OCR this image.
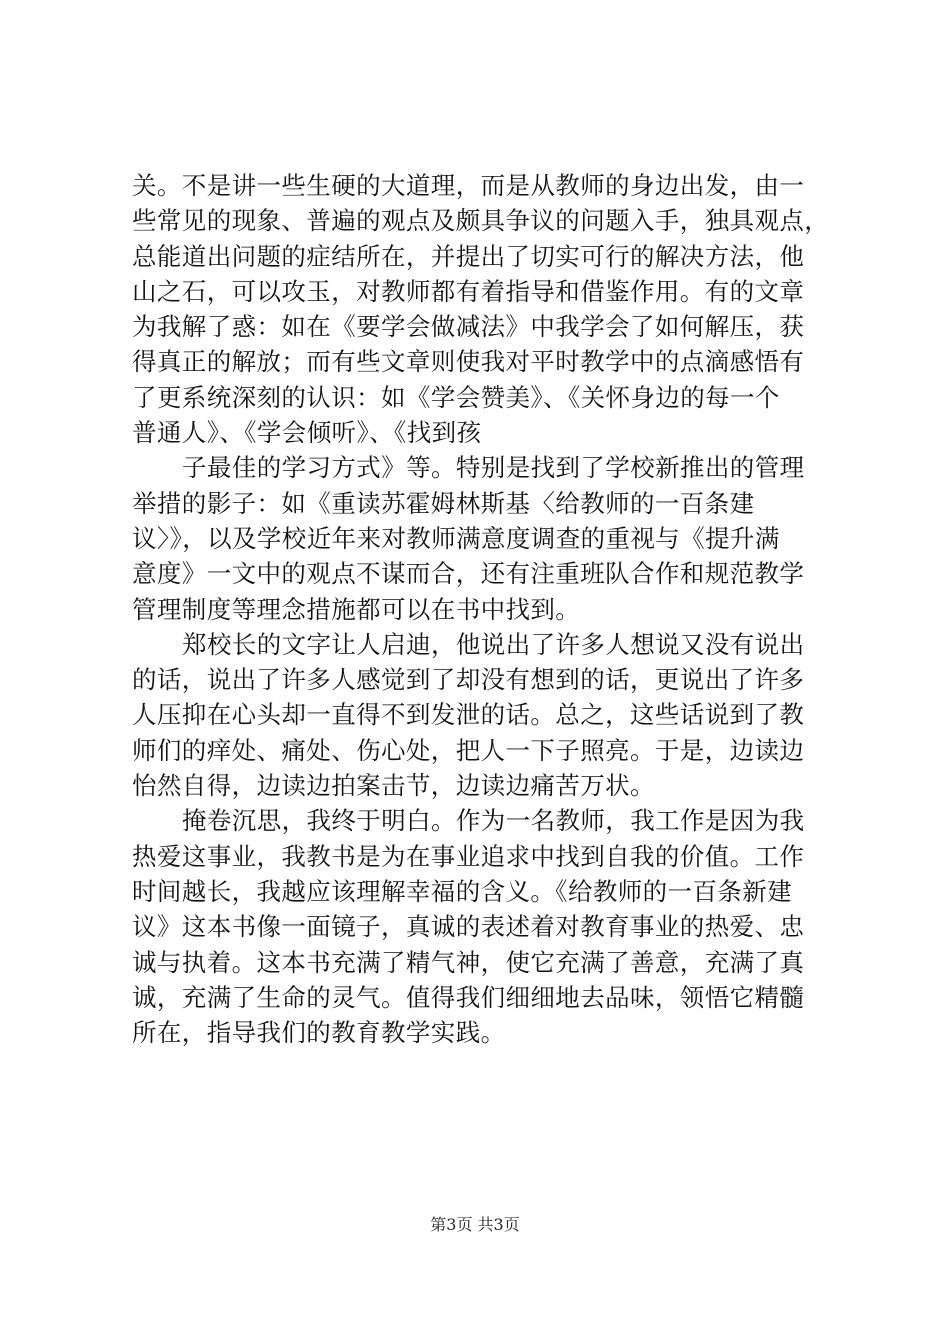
关。不是讲一些生硬的大道理，而是从教师的身边出发，由一
些常见的现象、普遍的观点及颇具争议的问题入手，独具观点，
总能道出问题的症结所在，并提出了切实可行的解决方法，他
山之石，可以攻玉，对教师都有着指导和借鉴作用。有的文章
为我解了惑：如在《要学会做减法》中我学会了如何解压，获
得真正的解放；而有些文章则使我对平时教学中的点滴感悟有
了更系统深刻的认识：如《学会赞美》、《关怀身边的每一个
普通人》、《学会倾听》、《找到孩
子最佳的学习方式》等。特别是找到了学校新推出的管理
举措的影子：如《重读苏霍姆林斯基〈给教师的一百条建
议〉》，以及学校近年来对教师满意度调查的重视与《提升满
意度》一文中的观点不谋而合，还有注重班队合作和规范教学
管理制度等理念措施都可以在书中找到。
郑校长的文字让人启迪，他说出了许多人想说又没有说出
的话，说出了许多人感觉到了却没有想到的话，更说出了许多
人压抑在心头却一直得不到发泄的话。总之，这些话说到了教
师们的痒处、痛处、伤心处，把人一下子照亮。于是，边读边
怡然自得，边读边拍案击节，边读边痛苦万状。
掩卷沉思，我终于明白。作为一名教师，我工作是因为我
热爱这事业，我教书是为在事业追求中找到自我的价值。工作
时间越长，我越应该理解幸福的含义。《给教师的一百条新建
议》这本书像一面镜子，真诚的表述着对教育事业的热爱、忠
诚与执着。这本书充满了精气神，使它充满了善意，充满了真
诚，充满了生命的灵气。值得我们细细地去品味，领悟它精髓
所在，指导我们的教育教学实践。
第3页 共3页
